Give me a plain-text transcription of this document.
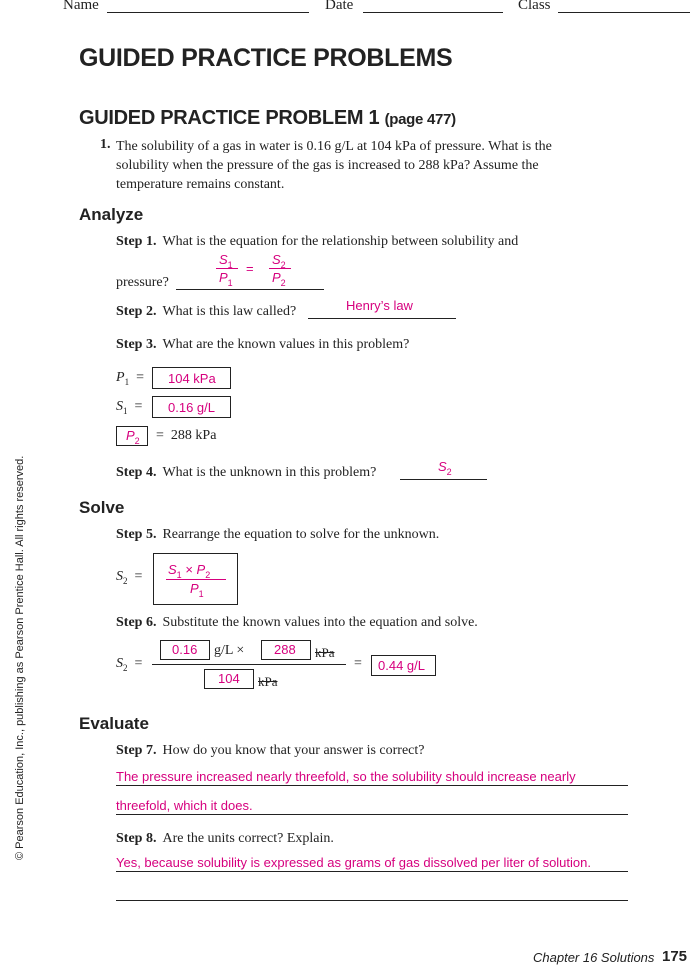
Name	Date	Class
GUIDED PRACTICE PROBLEMS
GUIDED PRACTICE PROBLEM 1 (page 477)
1. The solubility of a gas in water is 0.16 g/L at 104 kPa of pressure. What is the
solubility when the pressure of the gas is increased to 288 kPa? Assume the
temperature remains constant.
Analyze
Step 1. What is the equation for the relationship between solubility and
pressure?
$S_1$
$P_1$
=
$S_2$
$P_2$
Step 2. What is this law called?	Henry’s law
Step 3. What are the known values in this problem?
$P_1 = 104$ kPa
$S_1 = 0.16$ g/L
$P_2 = 288$ kPa
Step 4. What is the unknown in this problem?	$S_2$
Solve
Step 5. Rearrange the equation to solve for the unknown.
$S_2 = S_1 \times P_2$
$P_1$
Step 6. Substitute the known values into the equation and solve.
$S_2$ =
0.16 g/L × 288 kPa
104 kPa
= 0.44 g/L
Evaluate
Step 7. How do you know that your answer is correct?
The pressure increased nearly threefold, so the solubility should increase nearly
threefold, which it does.
Step 8. Are the units correct? Explain.
Yes, because solubility is expressed as grams of gas dissolved per liter of solution.
© Pearson Education, Inc., publishing as Pearson Prentice Hall. All rights reserved.
Chapter 16 Solutions 175
